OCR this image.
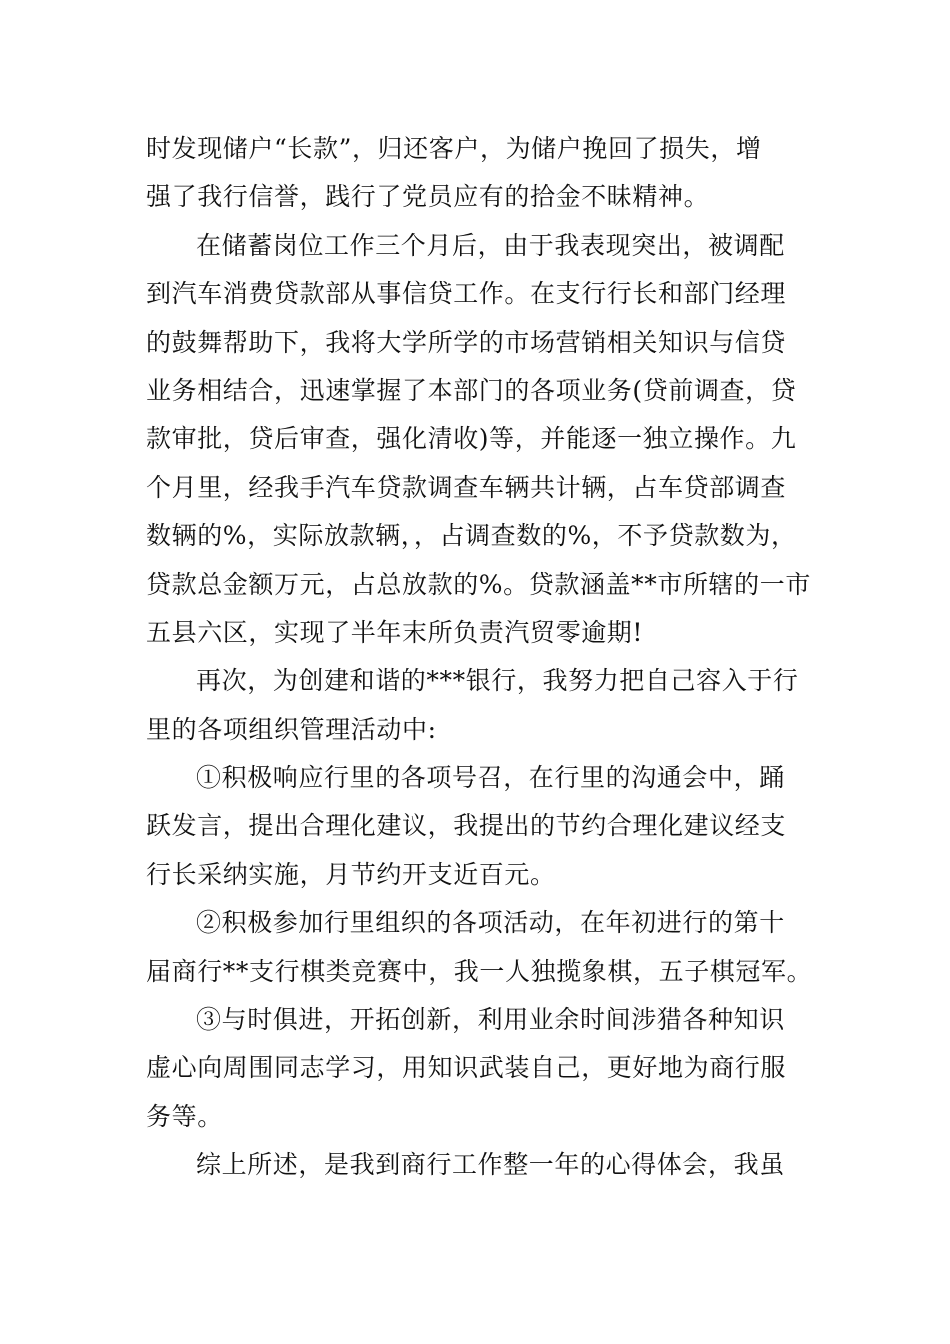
时发现储户“长款”，归还客户，为储户挽回了损失，增
强了我行信誉，践行了党员应有的拾金不昧精神。
在储蓄岗位工作三个月后，由于我表现突出，被调配
到汽车消费贷款部从事信贷工作。在支行行长和部门经理
的鼓舞帮助下，我将大学所学的市场营销相关知识与信贷
业务相结合，迅速掌握了本部门的各项业务(贷前调查，贷
款审批，贷后审查，强化清收)等，并能逐一独立操作。九
个月里，经我手汽车贷款调查车辆共计辆，占车贷部调查
数辆的%，实际放款辆，，占调查数的%，不予贷款数为，
贷款总金额万元，占总放款的%。贷款涵盖**市所辖的一市
五县六区，实现了半年末所负责汽贸零逾期!
再次，为创建和谐的***银行，我努力把自己容入于行
里的各项组织管理活动中:
①积极响应行里的各项号召，在行里的沟通会中，踊
跃发言，提出合理化建议，我提出的节约合理化建议经支
行长采纳实施，月节约开支近百元。
②积极参加行里组织的各项活动，在年初进行的第十
届商行**支行棋类竞赛中，我一人独揽象棋，五子棋冠军。
③与时俱进，开拓创新，利用业余时间涉猎各种知识
虚心向周围同志学习，用知识武装自己，更好地为商行服
务等。
综上所述，是我到商行工作整一年的心得体会，我虽
